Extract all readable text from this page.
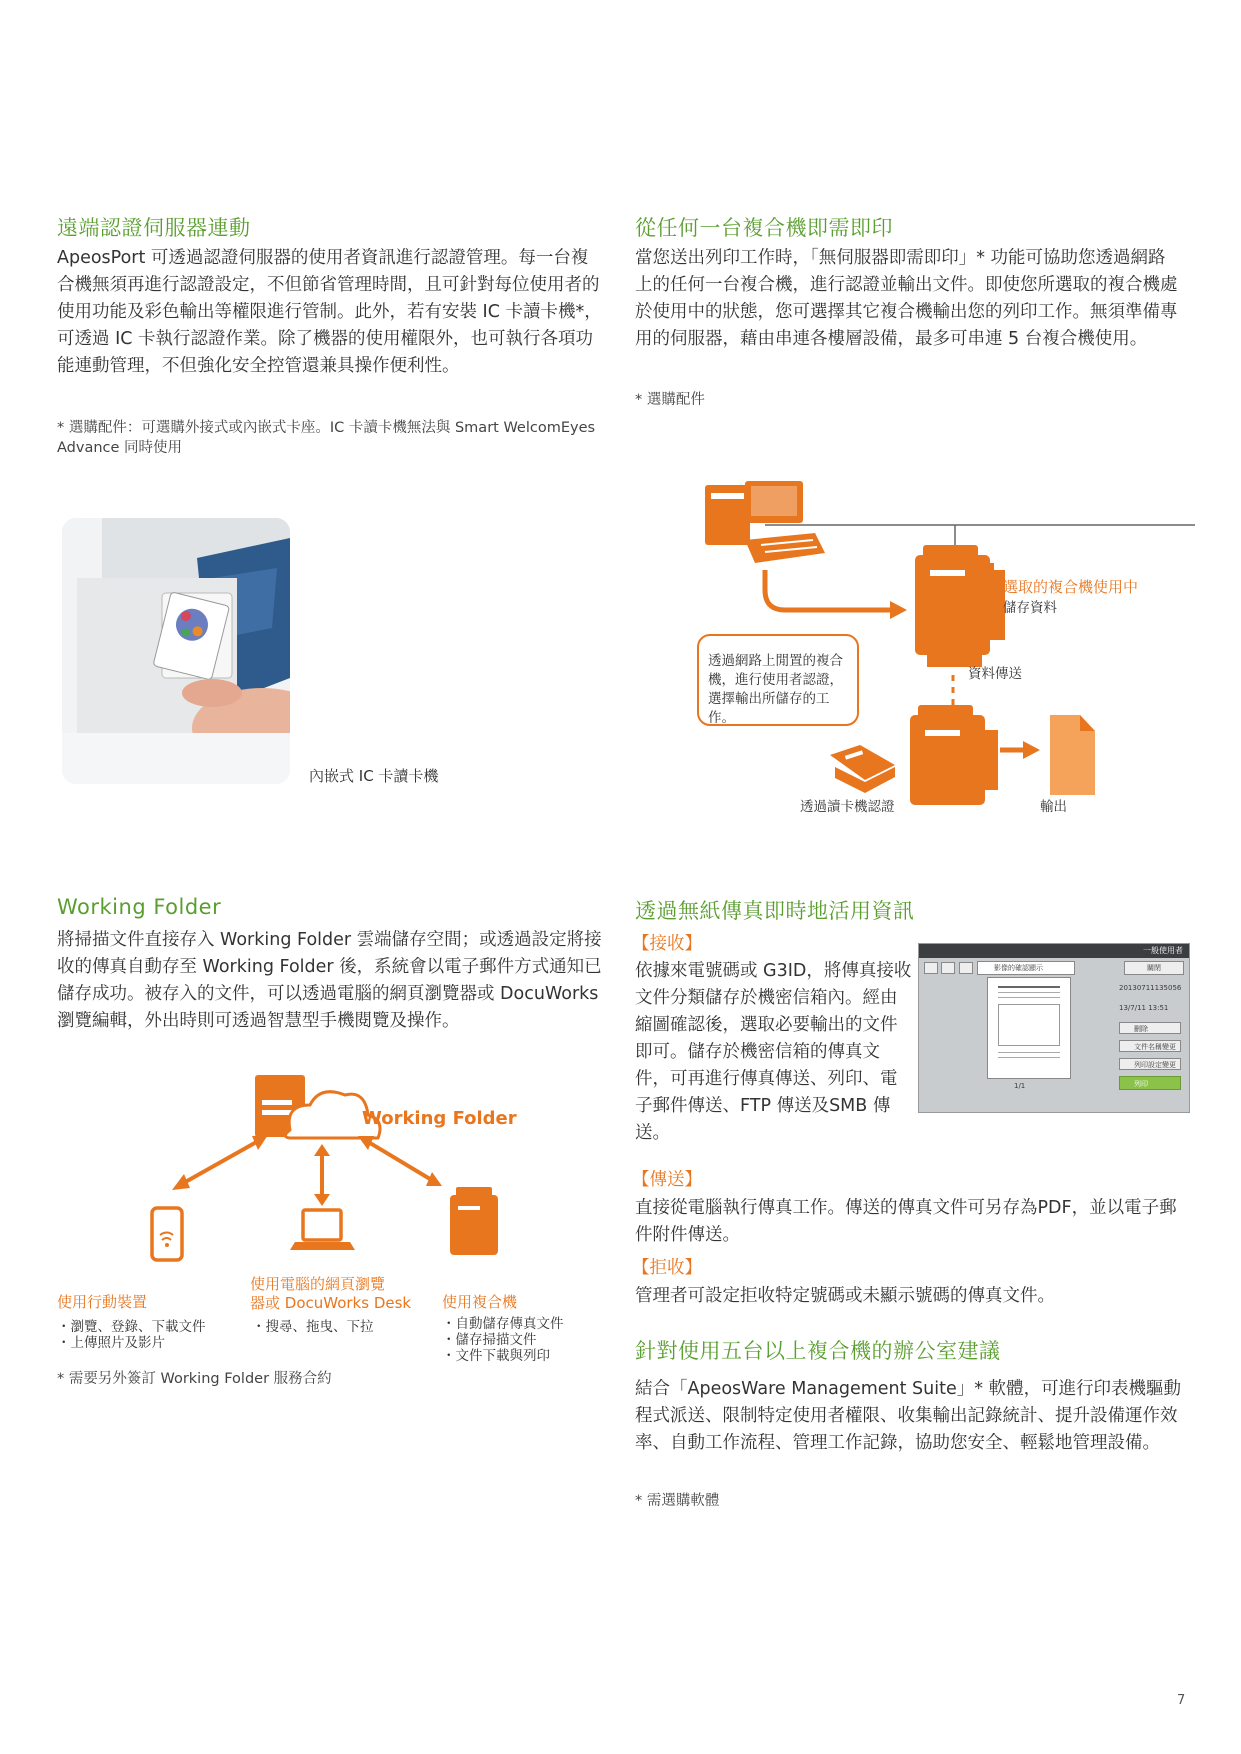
遠端認證伺服器連動
ApeosPort 可透過認證伺服器的使用者資訊進行認證管理。每一台複合機無須再進行認證設定，不但節省管理時間，且可針對每位使用者的使用功能及彩色輸出等權限進行管制。此外，若有安裝 IC 卡讀卡機*，可透過 IC 卡執行認證作業。除了機器的使用權限外，也可執行各項功能連動管理，不但強化安全控管還兼具操作便利性。
* 選購配件：可選購外接式或內嵌式卡座。IC 卡讀卡機無法與 Smart WelcomEyes Advance 同時使用
內嵌式 IC 卡讀卡機
從任何一台複合機即需即印
當您送出列印工作時，「無伺服器即需即印」* 功能可協助您透過網路上的任何一台複合機，進行認證並輸出文件。即使您所選取的複合機處於使用中的狀態，您可選擇其它複合機輸出您的列印工作。無須準備專用的伺服器，藉由串連各樓層設備，最多可串連 5 台複合機使用。
* 選購配件
選取的複合機使用中
儲存資料
資料傳送
透過網路上閒置的複合機，進行使用者認證，選擇輸出所儲存的工作。
透過讀卡機認證	輸出
Working Folder
將掃描文件直接存入 Working Folder 雲端儲存空間；或透過設定將接收的傳真自動存至 Working Folder 後，系統會以電子郵件方式通知已儲存成功。被存入的文件，可以透過電腦的網頁瀏覽器或 DocuWorks 瀏覽編輯，外出時則可透過智慧型手機閱覽及操作。
Working Folder
使用行動裝置
・瀏覽、登錄、下載文件
・上傳照片及影片
使用電腦的網頁瀏覽
器或 DocuWorks Desk
・搜尋、拖曳、下拉
使用複合機
・自動儲存傳真文件
・儲存掃描文件
・文件下載與列印
* 需要另外簽訂 Working Folder 服務合約
透過無紙傳真即時地活用資訊
【接收】
依據來電號碼或 G3ID，將傳真接收文件分類儲存於機密信箱內。經由縮圖確認後，選取必要輸出的文件即可。儲存於機密信箱的傳真文件，可再進行傳真傳送、列印、電子郵件傳送、FTP 傳送及SMB 傳送。
一般使用者
影像的確認顯示	關閉
1/1
20130711135056
13/7/11 13:51
刪除
文件名稱變更
列印設定變更
列印
【傳送】
直接從電腦執行傳真工作。傳送的傳真文件可另存為PDF，並以電子郵件附件傳送。
【拒收】
管理者可設定拒收特定號碼或未顯示號碼的傳真文件。
針對使用五台以上複合機的辦公室建議
結合「ApeosWare Management Suite」* 軟體，可進行印表機驅動程式派送、限制特定使用者權限、收集輸出記錄統計、提升設備運作效率、自動工作流程、管理工作記錄，協助您安全、輕鬆地管理設備。
* 需選購軟體
7
